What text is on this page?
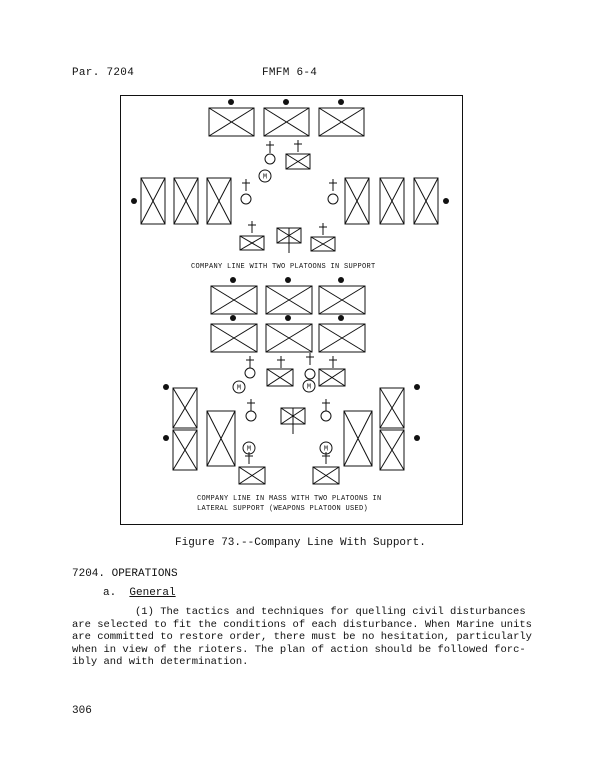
Par. 7204	FMFM 6-4
M
M	M
M	M
COMPANY LINE WITH TWO PLATOONS IN SUPPORT
COMPANY LINE IN MASS WITH TWO PLATOONS IN
LATERAL SUPPORT (WEAPONS PLATOON USED)
Figure 73.--Company Line With Support.
7204. OPERATIONS
a. General
(1) The tactics and techniques for quelling civil disturbances
are selected to fit the conditions of each disturbance. When Marine units
are committed to restore order, there must be no hesitation, particularly
when in view of the rioters. The plan of action should be followed forc-
ibly and with determination.
306
